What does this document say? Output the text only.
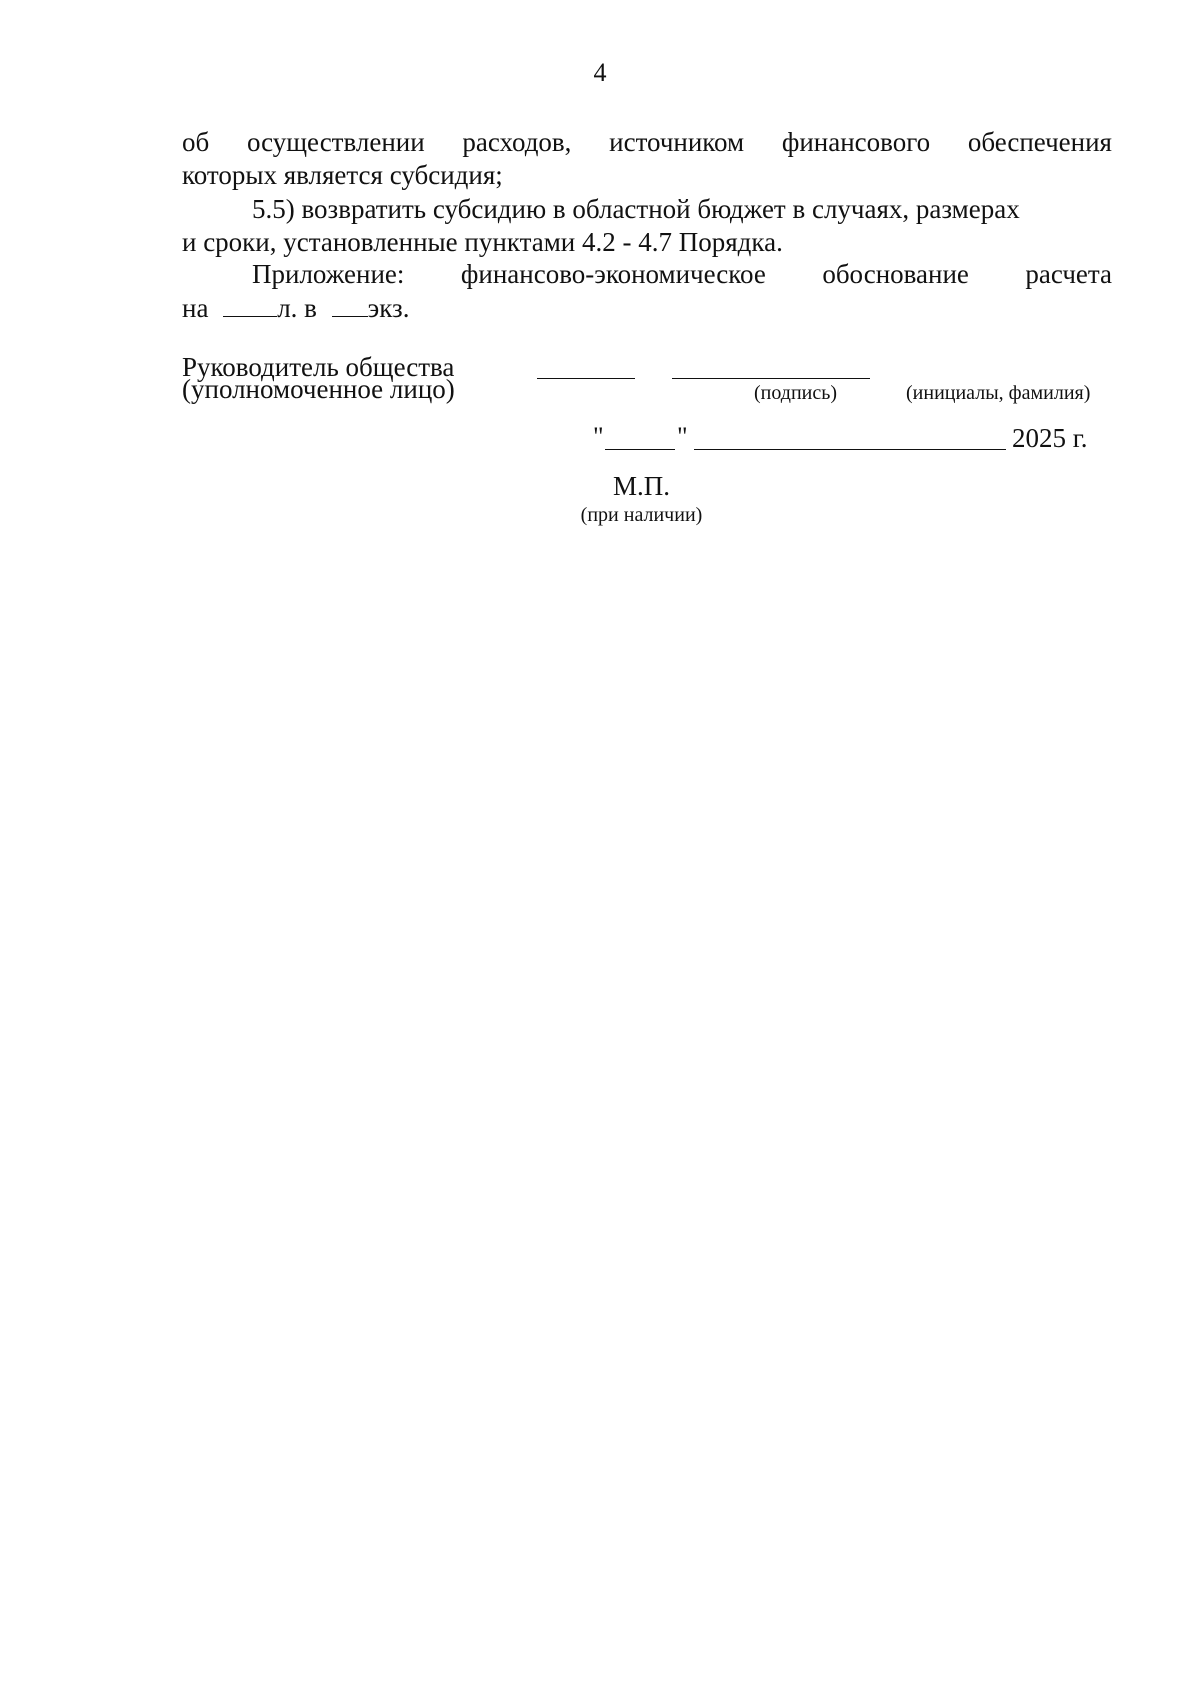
4
об осуществлении расходов, источником финансового обеспечения
которых является субсидия;
5.5) возвратить субсидию в областной бюджет в случаях, размерах
и сроки, установленные пунктами 4.2 - 4.7 Порядка.
Приложение: финансово-экономическое обоснование расчета
на	л. в экз.
Руководитель общества
(уполномоченное лицо)	(подпись)	(инициалы, фамилия)
"	"	2025 г.
М.П.
(при наличии)
